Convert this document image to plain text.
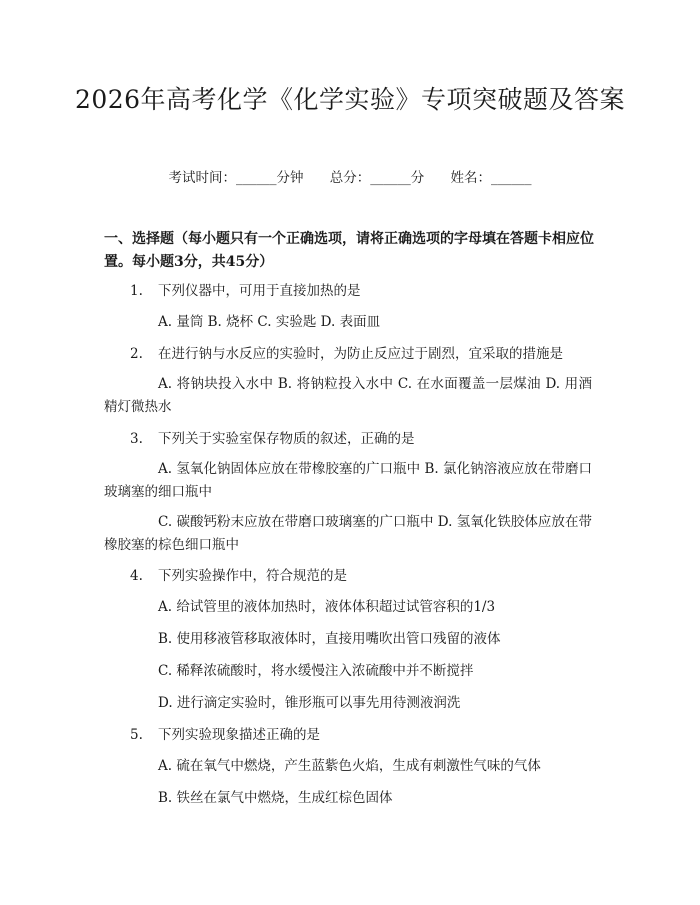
2026年高考化学《化学实验》专项突破题及答案
考试时间：______分钟 总分：______分 姓名：______
一、选择题（每小题只有一个正确选项，请将正确选项的字母填在答题卡相应位置。每小题3分，共45分）
1. 下列仪器中，可用于直接加热的是
A. 量筒 B. 烧杯 C. 实验匙 D. 表面皿
2. 在进行钠与水反应的实验时，为防止反应过于剧烈，宜采取的措施是
A. 将钠块投入水中 B. 将钠粒投入水中 C. 在水面覆盖一层煤油 D. 用酒精灯微热水
3. 下列关于实验室保存物质的叙述，正确的是
A. 氢氧化钠固体应放在带橡胶塞的广口瓶中 B. 氯化钠溶液应放在带磨口玻璃塞的细口瓶中
C. 碳酸钙粉末应放在带磨口玻璃塞的广口瓶中 D. 氢氧化铁胶体应放在带橡胶塞的棕色细口瓶中
4. 下列实验操作中，符合规范的是
A. 给试管里的液体加热时，液体体积超过试管容积的1/3
B. 使用移液管移取液体时，直接用嘴吹出管口残留的液体
C. 稀释浓硫酸时，将水缓慢注入浓硫酸中并不断搅拌
D. 进行滴定实验时，锥形瓶可以事先用待测液润洗
5. 下列实验现象描述正确的是
A. 硫在氧气中燃烧，产生蓝紫色火焰，生成有刺激性气味的气体
B. 铁丝在氯气中燃烧，生成红棕色固体
